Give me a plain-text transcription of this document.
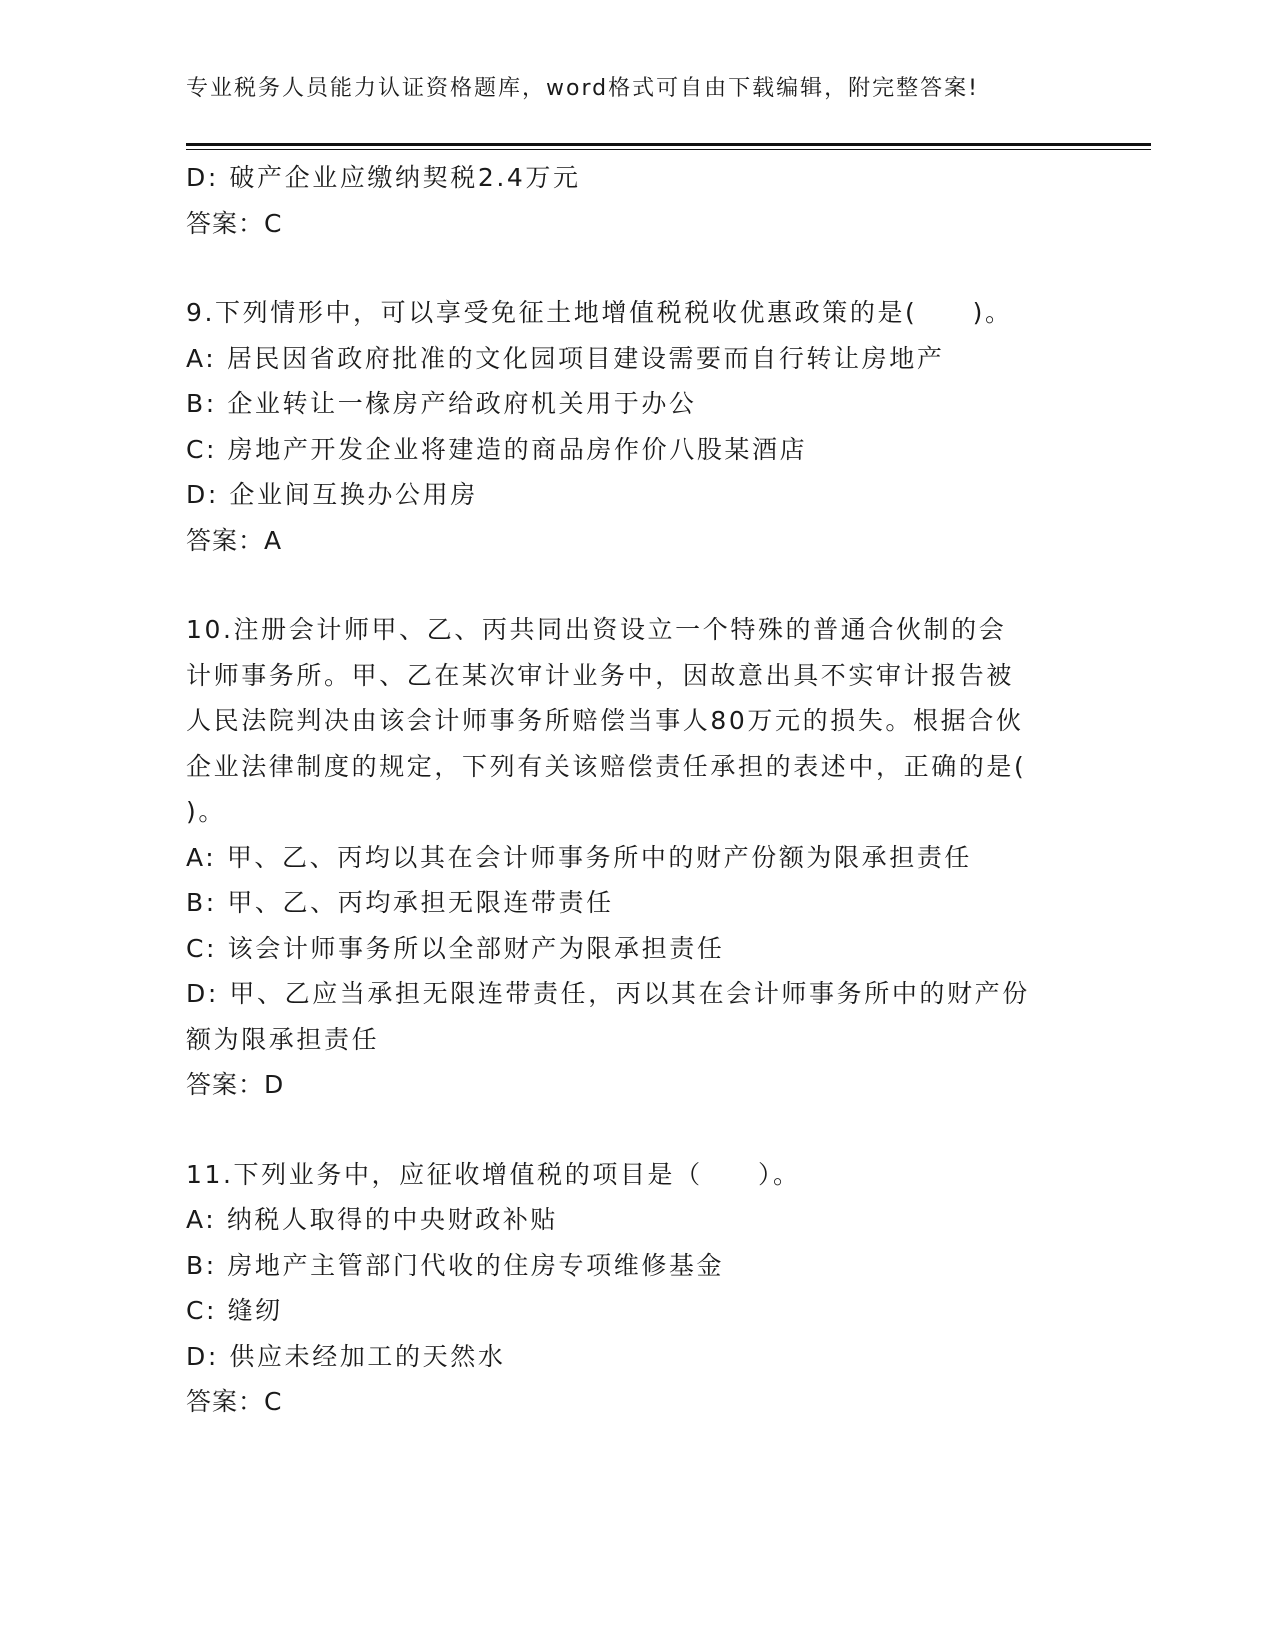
专业税务人员能力认证资格题库，word格式可自由下载编辑，附完整答案!
D: 破产企业应缴纳契税2.4万元
答案：C
9.下列情形中，可以享受免征土地增值税税收优惠政策的是(　　)。
A: 居民因省政府批准的文化园项目建设需要而自行转让房地产
B: 企业转让一椽房产给政府机关用于办公
C: 房地产开发企业将建造的商品房作价八股某酒店
D: 企业间互换办公用房
答案：A
10.注册会计师甲、乙、丙共同出资设立一个特殊的普通合伙制的会计师事务所。甲、乙在某次审计业务中，因故意出具不实审计报告被人民法院判决由该会计师事务所赔偿当事人80万元的损失。根据合伙企业法律制度的规定，下列有关该赔偿责任承担的表述中，正确的是(　　)。
A: 甲、乙、丙均以其在会计师事务所中的财产份额为限承担责任
B: 甲、乙、丙均承担无限连带责任
C: 该会计师事务所以全部财产为限承担责任
D: 甲、乙应当承担无限连带责任，丙以其在会计师事务所中的财产份额为限承担责任
答案：D
11.下列业务中，应征收增值税的项目是（　　）。
A: 纳税人取得的中央财政补贴
B: 房地产主管部门代收的住房专项维修基金
C: 缝纫
D: 供应未经加工的天然水
答案：C
